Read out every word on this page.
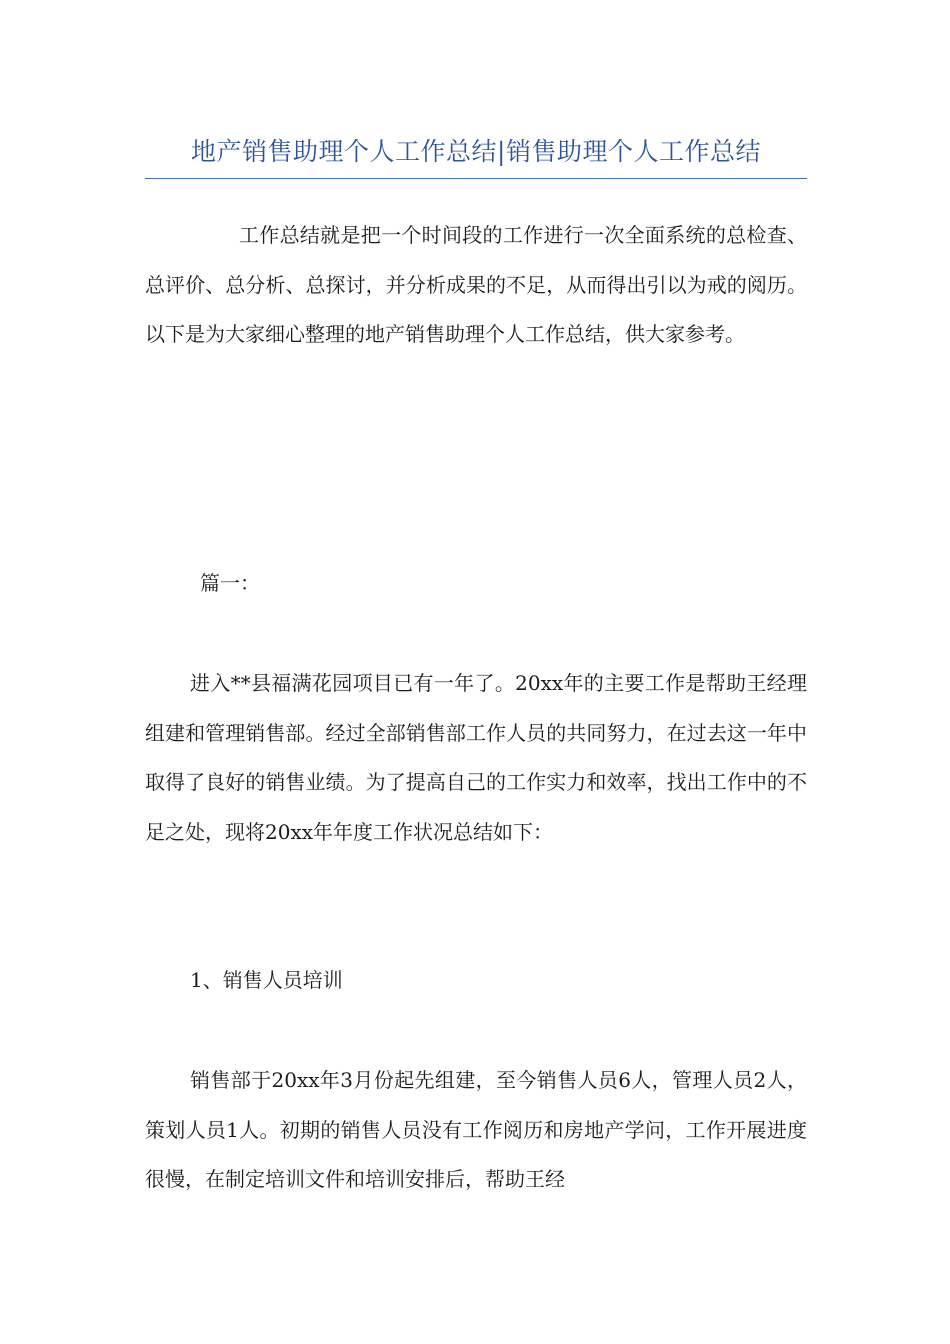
地产销售助理个人工作总结|销售助理个人工作总结

工作总结就是把一个时间段的工作进行一次全面系统的总检查、总评价、总分析、总探讨，并分析成果的不足，从而得出引以为戒的阅历。以下是为大家细心整理的地产销售助理个人工作总结，供大家参考。

篇一：

进入**县福满花园项目已有一年了。20xx年的主要工作是帮助王经理组建和管理销售部。经过全部销售部工作人员的共同努力，在过去这一年中取得了良好的销售业绩。为了提高自己的工作实力和效率，找出工作中的不足之处，现将20xx年年度工作状况总结如下：

1、销售人员培训

销售部于20xx年3月份起先组建，至今销售人员6人，管理人员2人，策划人员1人。初期的销售人员没有工作阅历和房地产学问，工作开展进度很慢，在制定培训文件和培训安排后，帮助王经
